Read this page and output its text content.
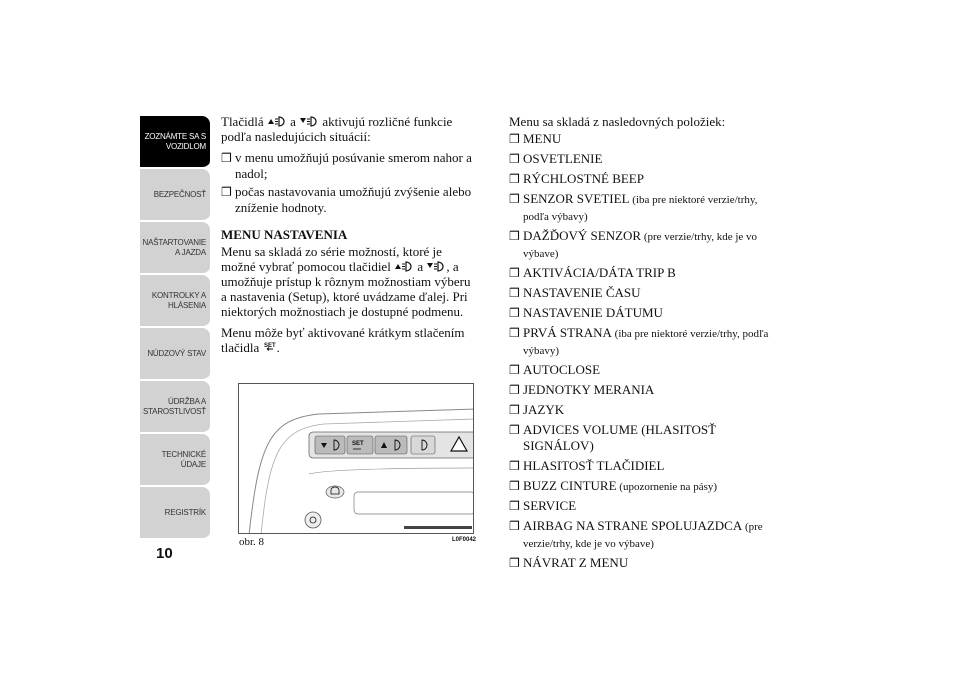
ZOZNÁMTE SA S
VOZIDLOM
BEZPEČNOSŤ
NAŠTARTOVANIE
A JAZDA
KONTROLKY A
HLÁSENIA
NÚDZOVÝ STAV
ÚDRŽBA A
STAROSTLIVOSŤ
TECHNICKÉ
ÚDAJE
REGISTRÍK
10

Tlačidlá a aktivujú rozličné funkcie podľa nasledujúcich situácií:

❒ v menu umožňujú posúvanie smerom nahor a nadol;
❒ počas nastavovania umožňujú zvýšenie alebo zníženie hodnoty.
MENU NASTAVENIA

Menu sa skladá zo série možností, ktoré je možné vybrať pomocou tlačidiel a , a umožňuje prístup k rôznym možnostiam výberu a nastavenia (Setup), ktoré uvádzame ďalej. Pri niektorých možnostiach je dostupné podmenu.

Menu môže byť aktivované krátkym stlačením tlačidla SET .

SET
obr. 8	L0F0042

Menu sa skladá z nasledovných položiek:

❒ MENU
❒ OSVETLENIE
❒ RÝCHLOSTNÉ BEEP
❒ SENZOR SVETIEL (iba pre niektoré verzie/trhy, podľa výbavy)
❒ DAŽĎOVÝ SENZOR (pre verzie/trhy, kde je vo výbave)
❒ AKTIVÁCIA/DÁTA TRIP B
❒ NASTAVENIE ČASU
❒ NASTAVENIE DÁTUMU
❒ PRVÁ STRANA (iba pre niektoré verzie/trhy, podľa výbavy)
❒ AUTOCLOSE
❒ JEDNOTKY MERANIA
❒ JAZYK
❒ ADVICES VOLUME (HLASITOSŤ SIGNÁLOV)
❒ HLASITOSŤ TLAČIDIEL
❒ BUZZ CINTURE (upozornenie na pásy)
❒ SERVICE
❒ AIRBAG NA STRANE SPOLUJAZDCA (pre verzie/trhy, kde je vo výbave)
❒ NÁVRAT Z MENU
